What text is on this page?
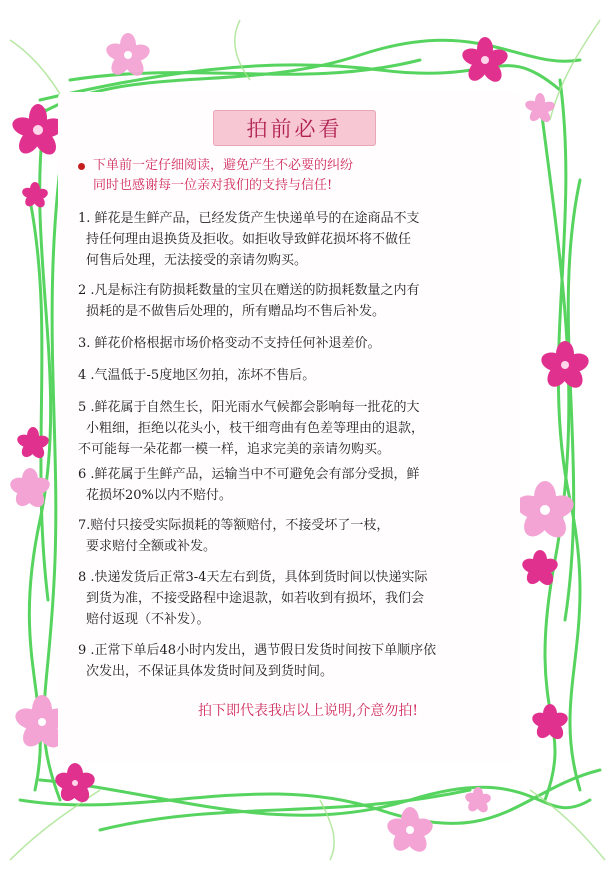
拍前必看
下单前一定仔细阅读，避免产生不必要的纠纷
同时也感谢每一位亲对我们的支持与信任!
1. 鲜花是生鲜产品，已经发货产生快递单号的在途商品不支
持任何理由退换货及拒收。如拒收导致鲜花损坏将不做任
何售后处理，无法接受的亲请勿购买。
2 .凡是标注有防损耗数量的宝贝在赠送的防损耗数量之内有
损耗的是不做售后处理的，所有赠品均不售后补发。
3. 鲜花价格根据市场价格变动不支持任何补退差价。
4 .气温低于-5度地区勿拍，冻坏不售后。
5 .鲜花属于自然生长，阳光雨水气候都会影响每一批花的大
小粗细，拒绝以花头小，枝干细弯曲有色差等理由的退款，
不可能每一朵花都一模一样，追求完美的亲请勿购买。
6 .鲜花属于生鲜产品，运输当中不可避免会有部分受损，鲜
花损坏20%以内不赔付。
7.赔付只接受实际损耗的等额赔付，不接受坏了一枝，
要求赔付全额或补发。
8 .快递发货后正常3-4天左右到货，具体到货时间以快递实际
到货为准，不接受路程中途退款，如若收到有损坏，我们会
赔付返现（不补发）。
9 .正常下单后48小时内发出，遇节假日发货时间按下单顺序依
次发出，不保证具体发货时间及到货时间。
拍下即代表我店以上说明,介意勿拍!
